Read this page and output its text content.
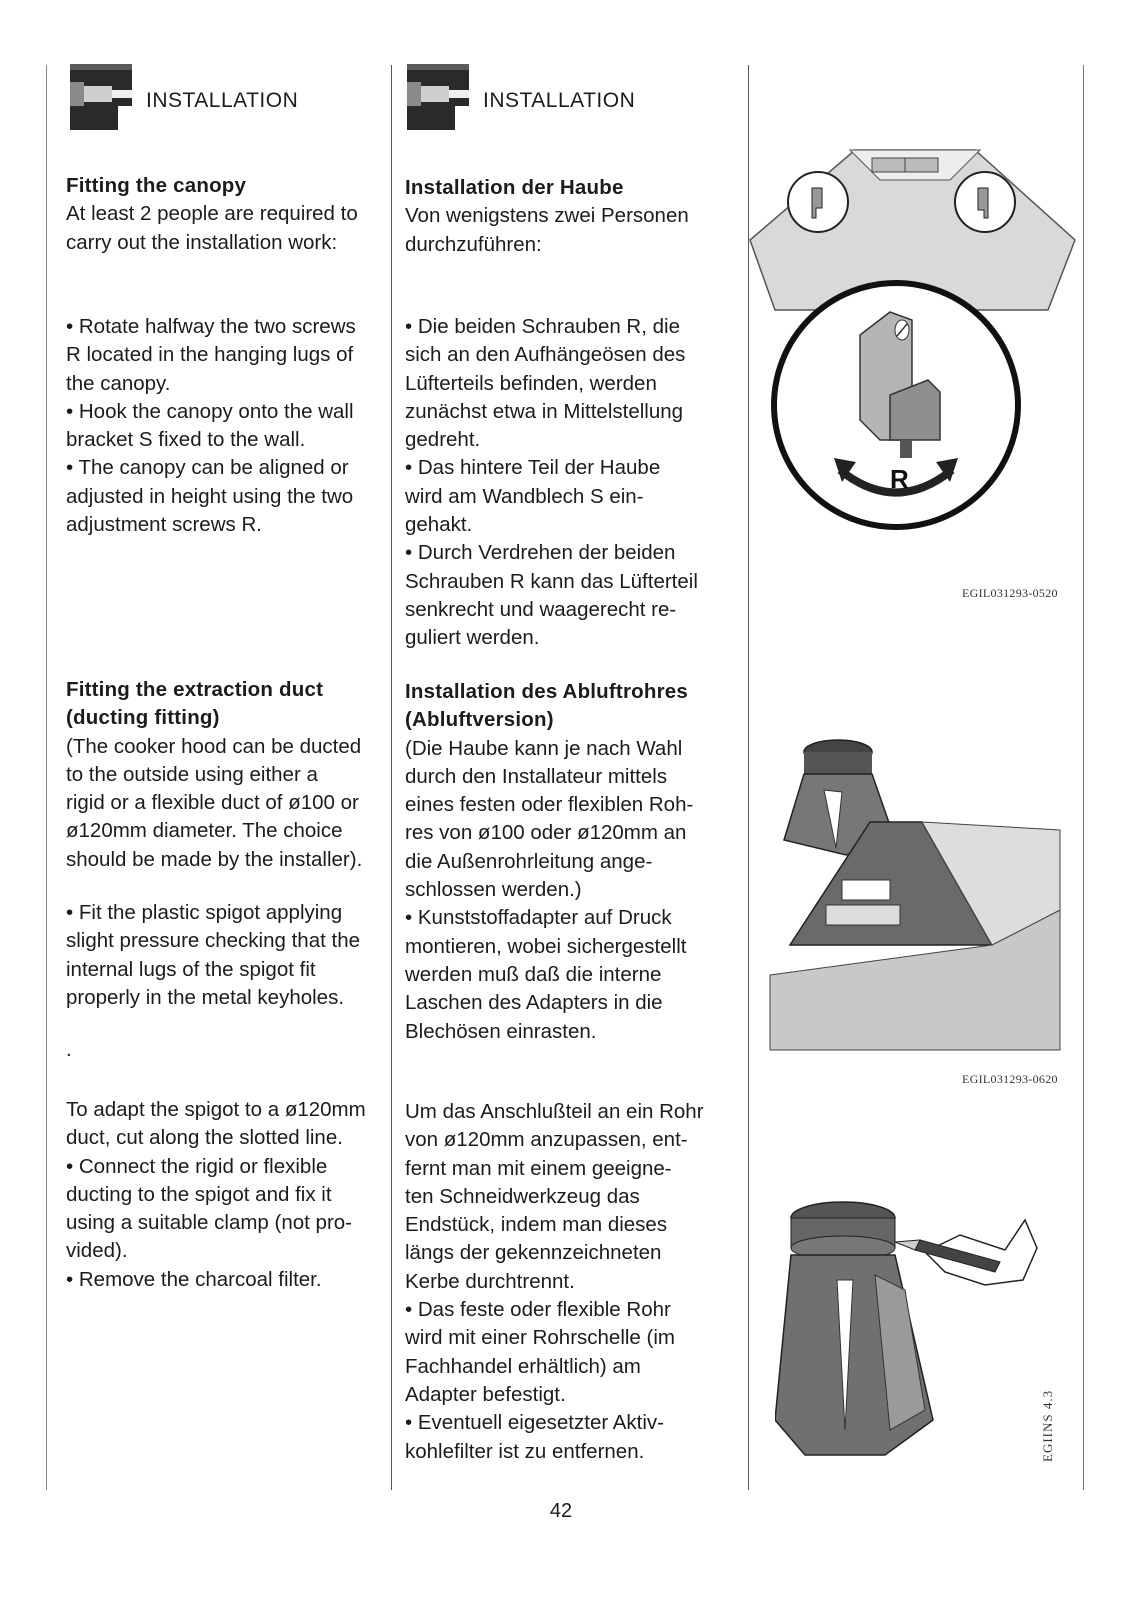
INSTALLATION	INSTALLATION

Fitting the canopy

At least 2 people are required to

carry out the installation work:

• Rotate halfway the two screws

R located in the hanging lugs of

the canopy.

• Hook the canopy onto the wall

bracket S fixed to the wall.

• The canopy can be aligned or

adjusted in height using the two

adjustment screws R.

Fitting the extraction duct

(ducting fitting)

(The cooker hood can be ducted

to the outside using either a

rigid or a flexible duct of ø100 or

ø120mm diameter. The choice

should be made by the installer).

• Fit the plastic spigot applying

slight pressure checking that the

internal lugs of the spigot fit

properly in the metal keyholes.

.

To adapt the spigot to a ø120mm

duct, cut along the slotted line.

• Connect the rigid or flexible

ducting to the spigot and fix it

using a suitable clamp (not pro-

vided).

• Remove the charcoal filter.

Installation der Haube

Von wenigstens zwei Personen

durchzuführen:

• Die beiden Schrauben R, die

sich an den Aufhängeösen des

Lüfterteils befinden, werden

zunächst etwa in Mittelstellung

gedreht.

• Das hintere Teil der Haube

wird am Wandblech S ein-

gehakt.

• Durch Verdrehen der beiden

Schrauben R kann das Lüfterteil

senkrecht und waagerecht re-

guliert werden.

Installation des Abluftrohres

(Abluftversion)

(Die Haube kann je nach Wahl

durch den Installateur mittels

eines festen oder flexiblen Roh-

res von ø100 oder ø120mm an

die Außenrohrleitung ange-

schlossen werden.)

• Kunststoffadapter auf Druck

montieren, wobei sichergestellt

werden muß daß die interne

Laschen des Adapters in die

Blechösen einrasten.

Um das Anschlußteil an ein Rohr

von ø120mm anzupassen, ent-

fernt man mit einem geeigne-

ten Schneidwerkzeug das

Endstück, indem man dieses

längs der gekennzeichneten

Kerbe durchtrennt.

• Das feste oder flexible Rohr

wird mit einer Rohrschelle (im

Fachhandel erhältlich) am

Adapter befestigt.

• Eventuell eigesetzter Aktiv-

kohlefilter ist zu entfernen.

R
EGIL031293-0520
EGIL031293-0620
EGIINS 4.3
42
